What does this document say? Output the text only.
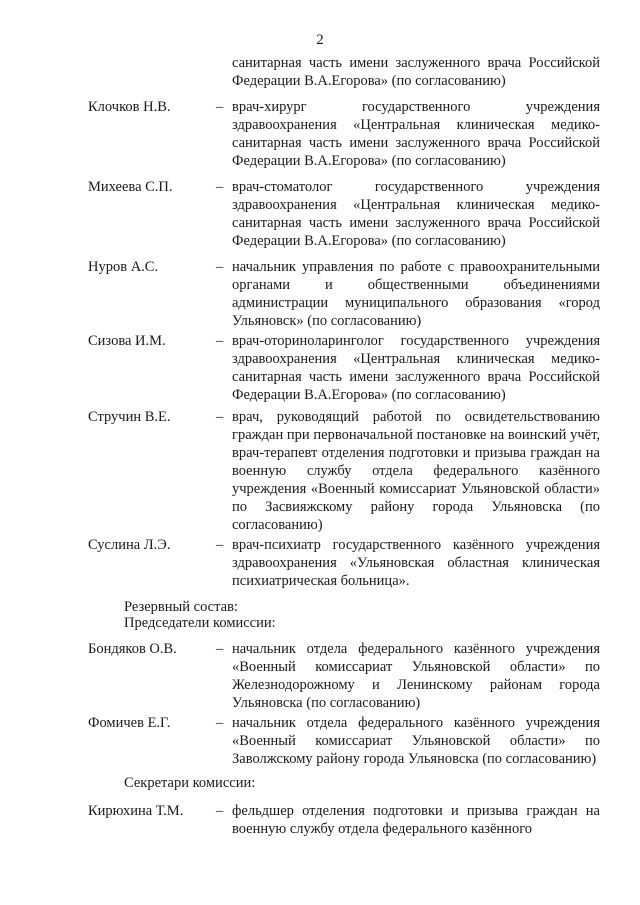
2
санитарная часть имени заслуженного врача Российской Федерации В.А.Егорова» (по согласованию)
Клочков Н.В.	– врач-хирург государственного учреждения здравоохранения «Центральная клиническая медико-санитарная часть имени заслуженного врача Российской Федерации В.А.Егорова» (по согласованию)
Михеева С.П.	– врач-стоматолог государственного учреждения здравоохранения «Центральная клиническая медико-санитарная часть имени заслуженного врача Российской Федерации В.А.Егорова» (по согласованию)
Нуров А.С.	– начальник управления по работе с правоохранительными органами и общественными объединениями администрации муниципального образования «город Ульяновск» (по согласованию)
Сизова И.М.	– врач-оториноларинголог государственного учреждения здравоохранения «Центральная клиническая медико-санитарная часть имени заслуженного врача Российской Федерации В.А.Егорова» (по согласованию)
Стручин В.Е.	– врач, руководящий работой по освидетельствованию граждан при первоначальной постановке на воинский учёт, врач-терапевт отделения подготовки и призыва граждан на военную службу отдела федерального казённого учреждения «Военный комиссариат Ульяновской области» по Засвияжскому району города Ульяновска (по согласованию)
Суслина Л.Э.	– врач-психиатр государственного казённого учреждения здравоохранения «Ульяновская областная клиническая психиатрическая больница».
Резервный состав:
Председатели комиссии:
Бондяков О.В.	– начальник отдела федерального казённого учреждения «Военный комиссариат Ульяновской области» по Железнодорожному и Ленинскому районам города Ульяновска (по согласованию)
Фомичев Е.Г.	– начальник отдела федерального казённого учреждения «Военный комиссариат Ульяновской области» по Заволжскому району города Ульяновска (по согласованию)
Секретари комиссии:
Кирюхина Т.М. – фельдшер отделения подготовки и призыва граждан на военную службу отдела федерального казённого
